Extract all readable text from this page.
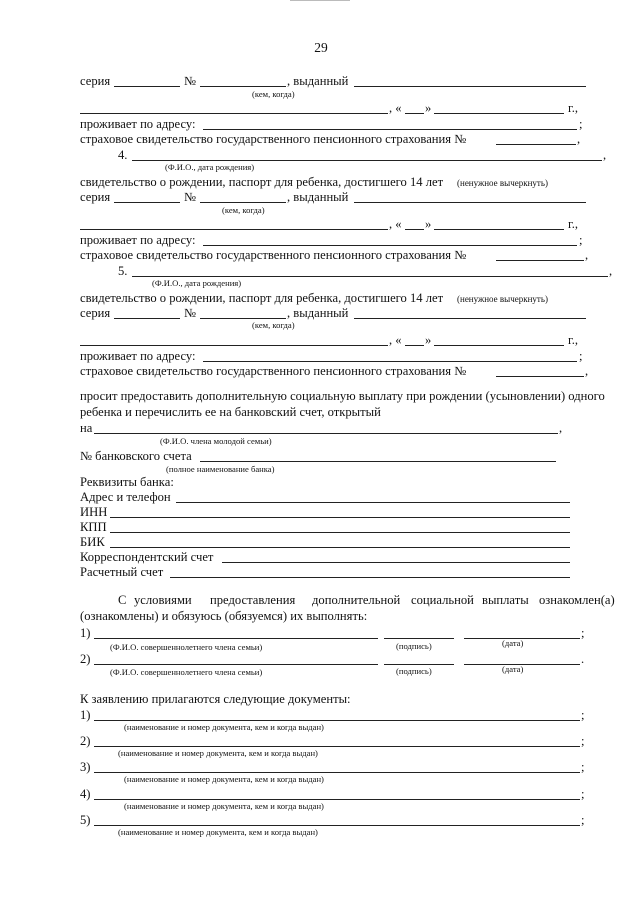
29
серия	№	, выданный
(кем, когда)
, « »	г.,
проживает по адресу:	;
страховое свидетельство государственного пенсионного страхования №	,
4.	,
(Ф.И.О., дата рождения)
свидетельство о рождении, паспорт для ребенка, достигшего 14 лет (ненужное вычеркнуть)
серия	№	, выданный
(кем, когда)
, « »	г.,
проживает по адресу:	;
страховое свидетельство государственного пенсионного страхования №	,
5.	,
(Ф.И.О., дата рождения)
свидетельство о рождении, паспорт для ребенка, достигшего 14 лет (ненужное вычеркнуть)
серия	№	, выданный
(кем, когда)
, « »	г.,
проживает по адресу:	;
страховое свидетельство государственного пенсионного страхования №	,
просит предоставить дополнительную социальную выплату при рождении (усыновлении) одного
ребенка и перечислить ее на банковский счет, открытый
на	,
(Ф.И.О. члена молодой семьи)
№ банковского счета
(полное наименование банка)
Реквизиты банка:
Адрес и телефон
ИНН
КПП
БИК
Корреспондентский счет
Расчетный счет
С условиями предоставления дополнительной социальной выплаты ознакомлен(а)
(ознакомлены) и обязуюсь (обязуемся) их выполнять:
1)	;
(Ф.И.О. совершеннолетнего члена семьи)	(подпись)	(дата)
2)	.
(Ф.И.О. совершеннолетнего члена семьи)	(подпись)	(дата)
К заявлению прилагаются следующие документы:
1)	;
(наименование и номер документа, кем и когда выдан)
2)	;
(наименование и номер документа, кем и когда выдан)
3)	;
(наименование и номер документа, кем и когда выдан)
4)	;
(наименование и номер документа, кем и когда выдан)
5)	;
(наименование и номер документа, кем и когда выдан)
